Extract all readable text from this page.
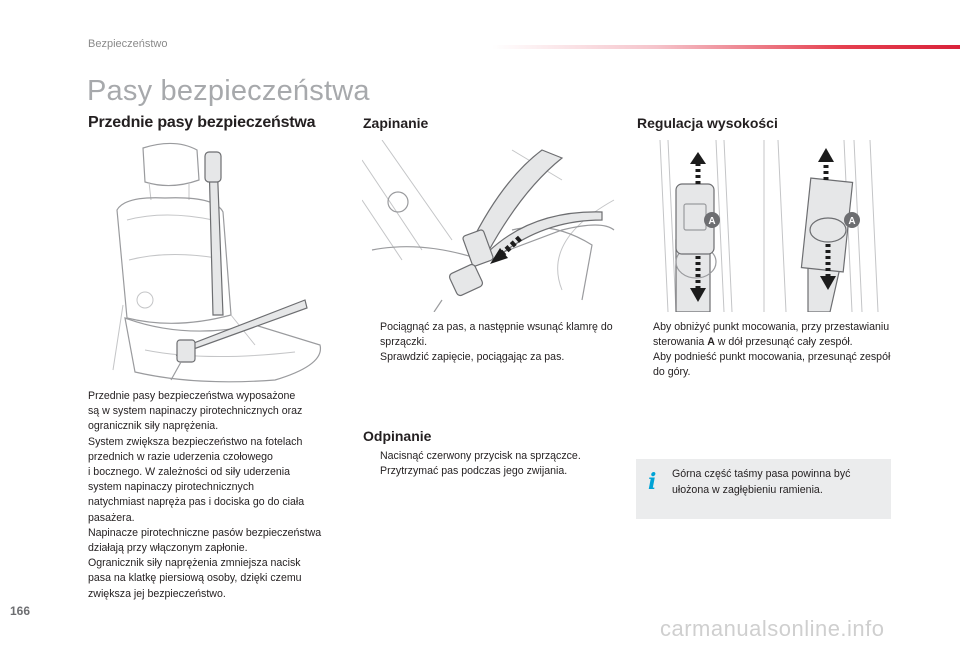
Bezpieczeństwo
Pasy bezpieczeństwa
Przednie pasy bezpieczeństwa
Przednie pasy bezpieczeństwa wyposażone
są w system napinaczy pirotechnicznych oraz
ogranicznik siły naprężenia.
System zwiększa bezpieczeństwo na fotelach
przednich w razie uderzenia czołowego
i bocznego. W zależności od siły uderzenia
system napinaczy pirotechnicznych
natychmiast napręża pas i dociska go do ciała
pasażera.
Napinacze pirotechniczne pasów bezpieczeństwa
działają przy włączonym zapłonie.
Ogranicznik siły naprężenia zmniejsza nacisk
pasa na klatkę piersiową osoby, dzięki czemu
zwiększa jej bezpieczeństwo.
Zapinanie
Pociągnąć za pas, a następnie wsunąć klamrę do sprzączki.
Sprawdzić zapięcie, pociągając za pas.
Odpinanie
Nacisnąć czerwony przycisk na sprzączce.
Przytrzymać pas podczas jego zwijania.
Regulacja wysokości
A	A
Aby obniżyć punkt mocowania, przy przestawianiu sterowania A w dół przesunąć cały zespół.
Aby podnieść punkt mocowania, przesunąć zespół do góry.
i Górna część taśmy pasa powinna być ułożona w zagłębieniu ramienia.
166
carmanualsonline.info
